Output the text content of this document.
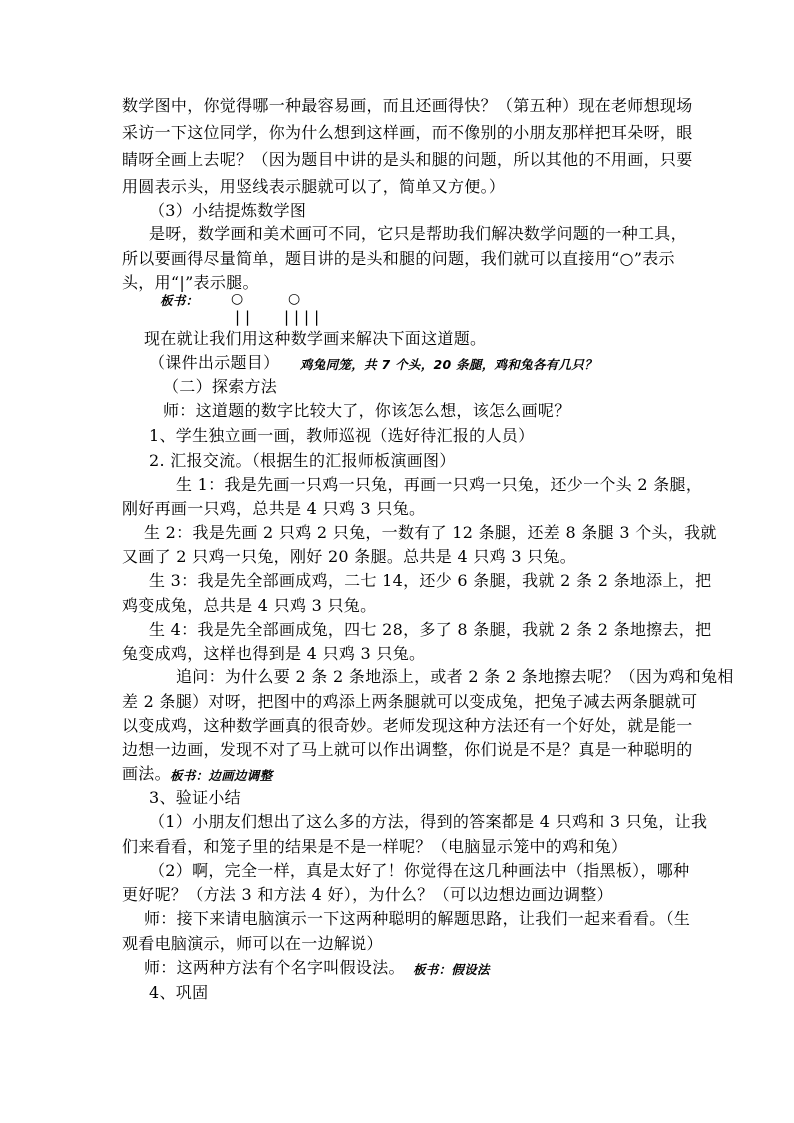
数学图中，你觉得哪一种最容易画，而且还画得快？（第五种）现在老师想现场
采访一下这位同学，你为什么想到这样画，而不像别的小朋友那样把耳朵呀，眼
睛呀全画上去呢？（因为题目中讲的是头和腿的问题，所以其他的不用画，只要
用圆表示头，用竖线表示腿就可以了，简单又方便。）
（3）小结提炼数学图
是呀，数学画和美术画可不同，它只是帮助我们解决数学问题的一种工具，
所以要画得尽量简单，题目讲的是头和腿的问题，我们就可以直接用“○”表示
头，用“|”表示腿。
板书： ○	○
|| ||||
现在就让我们用这种数学画来解决下面这道题。
（课件出示题目） 鸡兔同笼，共 7 个头，20 条腿，鸡和兔各有几只？
（二）探索方法
师：这道题的数字比较大了，你该怎么想，该怎么画呢？
1、学生独立画一画，教师巡视（选好待汇报的人员）
2. 汇报交流。（根据生的汇报师板演画图）
生 1：我是先画一只鸡一只兔，再画一只鸡一只兔，还少一个头 2 条腿，
刚好再画一只鸡，总共是 4 只鸡 3 只兔。
生 2：我是先画 2 只鸡 2 只兔，一数有了 12 条腿，还差 8 条腿 3 个头，我就
又画了 2 只鸡一只兔，刚好 20 条腿。总共是 4 只鸡 3 只兔。
生 3：我是先全部画成鸡，二七 14，还少 6 条腿，我就 2 条 2 条地添上，把
鸡变成兔，总共是 4 只鸡 3 只兔。
生 4：我是先全部画成兔，四七 28，多了 8 条腿，我就 2 条 2 条地擦去，把
兔变成鸡，这样也得到是 4 只鸡 3 只兔。
追问：为什么要 2 条 2 条地添上，或者 2 条 2 条地擦去呢？（因为鸡和兔相
差 2 条腿）对呀，把图中的鸡添上两条腿就可以变成兔，把兔子减去两条腿就可
以变成鸡，这种数学画真的很奇妙。老师发现这种方法还有一个好处，就是能一
边想一边画，发现不对了马上就可以作出调整，你们说是不是？真是一种聪明的
画法。 板书：边画边调整
3、验证小结
（1）小朋友们想出了这么多的方法，得到的答案都是 4 只鸡和 3 只兔，让我
们来看看，和笼子里的结果是不是一样呢？（电脑显示笼中的鸡和兔）
（2）啊，完全一样，真是太好了！你觉得在这几种画法中（指黑板），哪种
更好呢？（方法 3 和方法 4 好），为什么？（可以边想边画边调整）
师：接下来请电脑演示一下这两种聪明的解题思路，让我们一起来看看。（生
观看电脑演示，师可以在一边解说）
师：这两种方法有个名字叫假设法。 板书：假设法
4、巩固
